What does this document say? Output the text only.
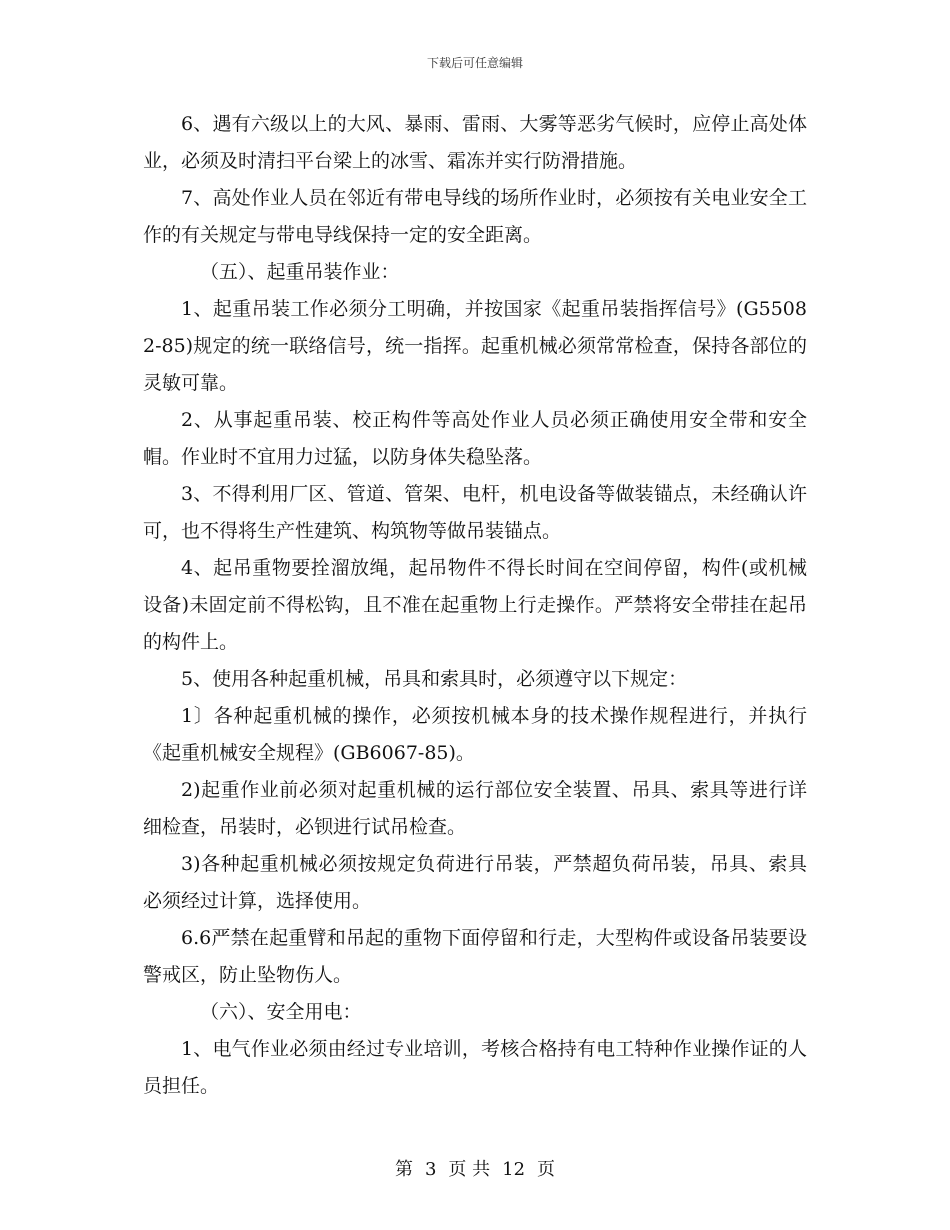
下载后可任意编辑

6、遇有六级以上的大风、暴雨、雷雨、大雾等恶劣气候时，应停止高处体业，必须及时清扫平台梁上的冰雪、霜冻并实行防滑措施。

7、高处作业人员在邻近有带电导线的场所作业时，必须按有关电业安全工作的有关规定与带电导线保持一定的安全距离。

（五）、起重吊装作业：

1、起重吊装工作必须分工明确，并按国家《起重吊装指挥信号》(G55082-85)规定的统一联络信号，统一指挥。起重机械必须常常检查，保持各部位的灵敏可靠。

2、从事起重吊装、校正构件等高处作业人员必须正确使用安全带和安全帽。作业时不宜用力过猛，以防身体失稳坠落。

3、不得利用厂区、管道、管架、电杆，机电设备等做装锚点，未经确认许可，也不得将生产性建筑、构筑物等做吊装锚点。

4、起吊重物要拴溜放绳，起吊物件不得长时间在空间停留，构件(或机械设备)未固定前不得松钩，且不准在起重物上行走操作。严禁将安全带挂在起吊的构件上。

5、使用各种起重机械，吊具和索具时，必须遵守以下规定：

1〕各种起重机械的操作，必须按机械本身的技术操作规程进行，并执行《起重机械安全规程》(GB6067-85)。

2)起重作业前必须对起重机械的运行部位安全装置、吊具、索具等进行详细检查，吊装时，必钡进行试吊检查。

3)各种起重机械必须按规定负荷进行吊装，严禁超负荷吊装，吊具、索具必须经过计算，选择使用。

6.6严禁在起重臂和吊起的重物下面停留和行走，大型构件或设备吊装要设警戒区，防止坠物伤人。

（六）、安全用电：

1、电气作业必须由经过专业培训，考核合格持有电工特种作业操作证的人员担任。

第 3 页 共 12 页
